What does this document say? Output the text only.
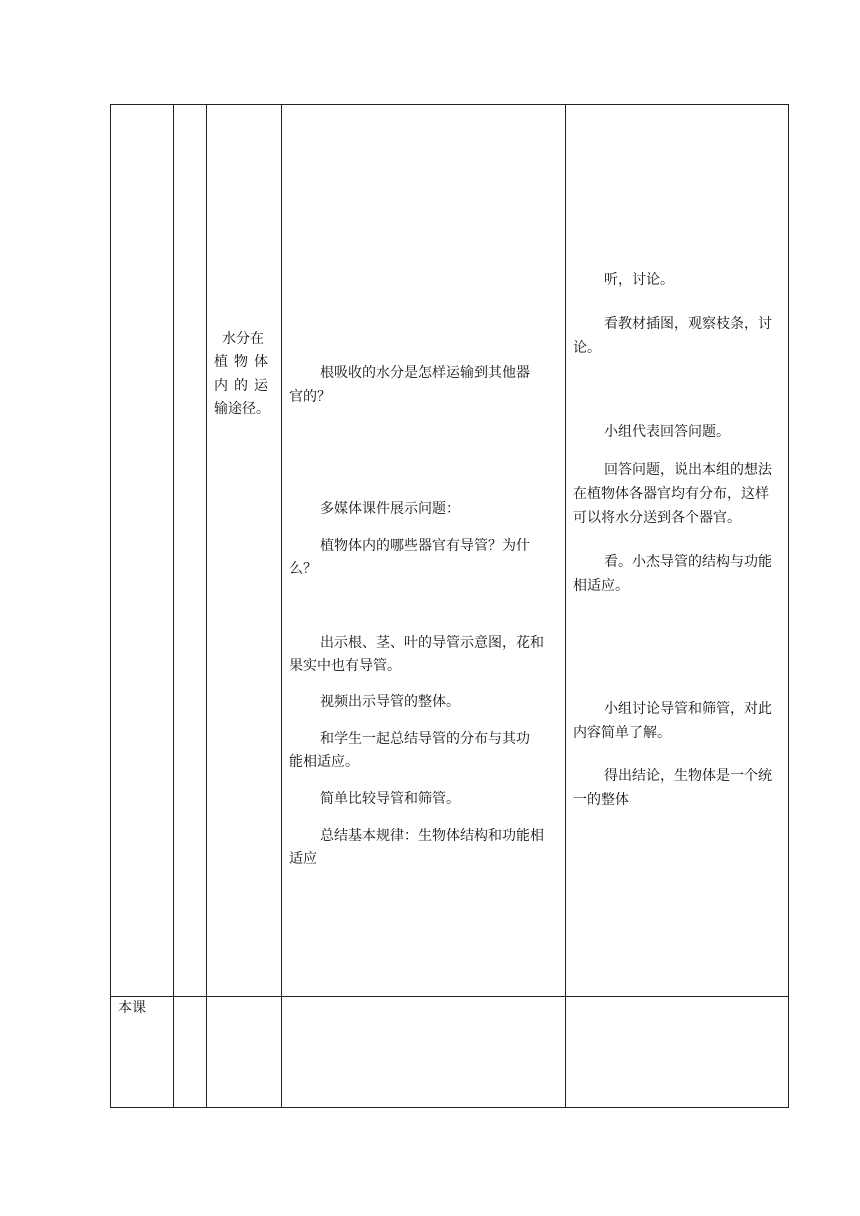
水分在
植物体
内的运
输途径。
根吸收的水分是怎样运输到其他器
官的？
多媒体课件展示问题：
植物体内的哪些器官有导管？为什
么？
出示根、茎、叶的导管示意图，花和
果实中也有导管。
视频出示导管的整体。
和学生一起总结导管的分布与其功
能相适应。
简单比较导管和筛管。
总结基本规律：生物体结构和功能相
适应
听，讨论。
看教材插图，观察枝条，讨
论。
小组代表回答问题。
回答问题，说出本组的想法
在植物体各器官均有分布，这样
可以将水分送到各个器官。
看。小杰导管的结构与功能
相适应。
小组讨论导管和筛管，对此
内容简单了解。
得出结论，生物体是一个统
一的整体
本课
